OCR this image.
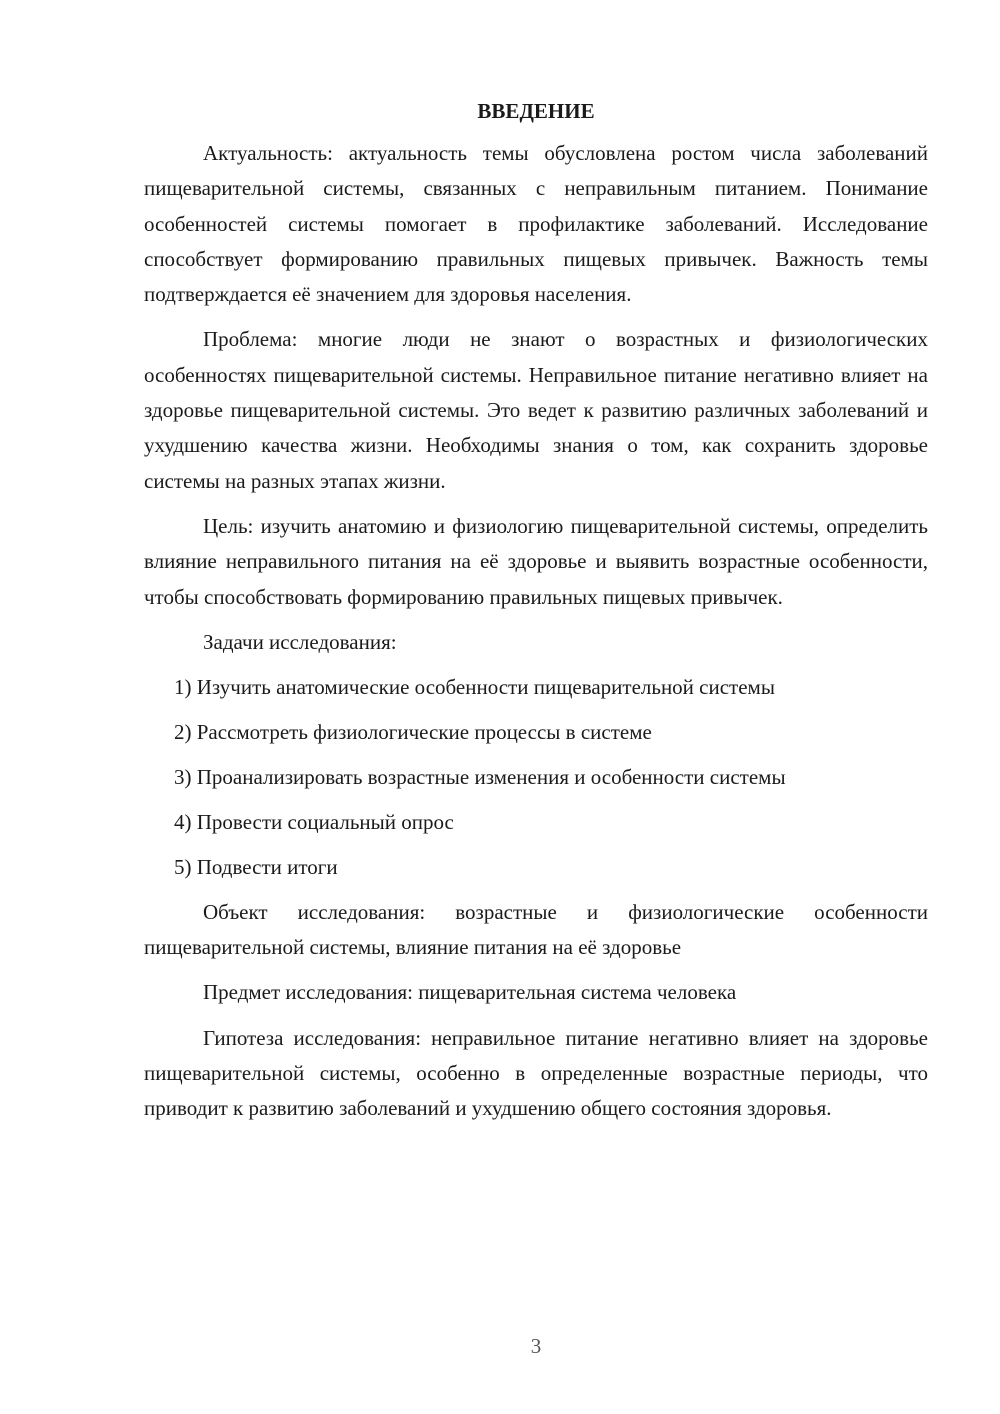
ВВЕДЕНИЕ

Актуальность: актуальность темы обусловлена ростом числа заболеваний пищеварительной системы, связанных с неправильным питанием. Понимание особенностей системы помогает в профилактике заболеваний. Исследование способствует формированию правильных пищевых привычек. Важность темы подтверждается её значением для здоровья населения.

Проблема: многие люди не знают о возрастных и физиологических особенностях пищеварительной системы. Неправильное питание негативно влияет на здоровье пищеварительной системы. Это ведет к развитию различных заболеваний и ухудшению качества жизни. Необходимы знания о том, как сохранить здоровье системы на разных этапах жизни.

Цель: изучить анатомию и физиологию пищеварительной системы, определить влияние неправильного питания на её здоровье и выявить возрастные особенности, чтобы способствовать формированию правильных пищевых привычек.

Задачи исследования:

1) Изучить анатомические особенности пищеварительной системы
2) Рассмотреть физиологические процессы в системе
3) Проанализировать возрастные изменения и особенности системы
4) Провести социальный опрос
5) Подвести итоги

Объект исследования: возрастные и физиологические особенности пищеварительной системы, влияние питания на её здоровье

Предмет исследования: пищеварительная система человека

Гипотеза исследования: неправильное питание негативно влияет на здоровье пищеварительной системы, особенно в определенные возрастные периоды, что приводит к развитию заболеваний и ухудшению общего состояния здоровья.

3
